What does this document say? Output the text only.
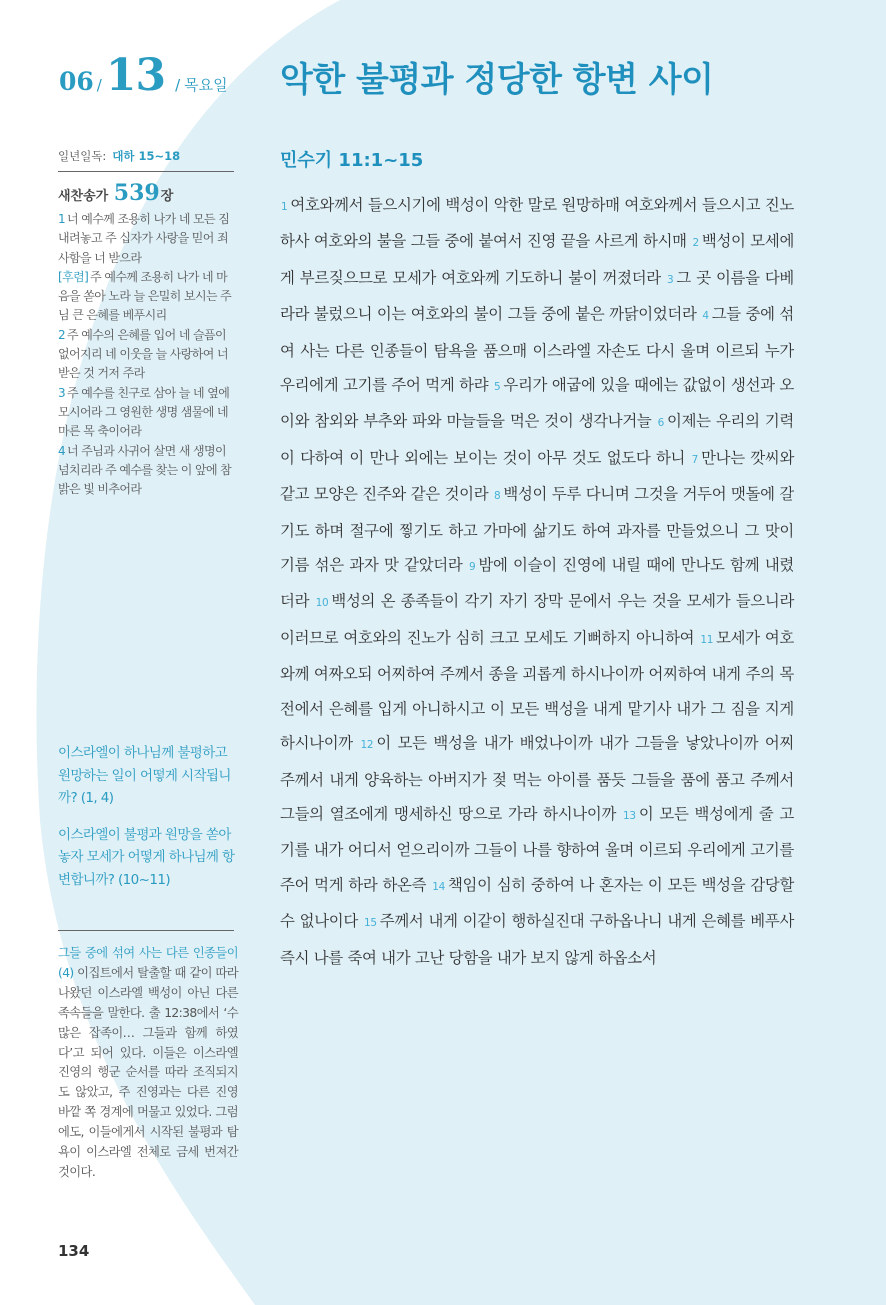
06 / 13 / 목요일 악한 불평과 정당한 항변 사이
일년일독: 대하 15~18
새찬송가 539장
1 너 예수께 조용히 나가 네 모든 짐 내려놓고 주 십자가 사랑을 믿어 죄 사함을 너 받으라
[후렴] 주 예수께 조용히 나가 네 마음을 쏟아 노라 늘 은밀히 보시는 주님 큰 은혜를 베푸시리
2 주 예수의 은혜를 입어 네 슬픔이 없어지리 네 이웃을 늘 사랑하여 너 받은 것 거저 주라
3 주 예수를 친구로 삼아 늘 네 옆에 모시어라 그 영원한 생명 샘물에 네 마른 목 축이어라
4 너 주님과 사귀어 살면 새 생명이 넘치리라 주 예수를 찾는 이 앞에 참 밝은 빛 비추어라
이스라엘이 하나님께 불평하고 원망하는 일이 어떻게 시작됩니까? (1, 4)
이스라엘이 불평과 원망을 쏟아놓자 모세가 어떻게 하나님께 항변합니까? (10~11)
그들 중에 섞여 사는 다른 인종들이(4) 이집트에서 탈출할 때 같이 따라 나왔던 이스라엘 백성이 아닌 다른 족속들을 말한다. 출 12:38에서 ‘수많은 잡족이… 그들과 함께 하였다’고 되어 있다. 이들은 이스라엘 진영의 행군 순서를 따라 조직되지도 않았고, 주 진영과는 다른 진영 바깥 쪽 경계에 머물고 있었다. 그럼에도, 이들에게서 시작된 불평과 탐욕이 이스라엘 전체로 금세 번져간 것이다.
134
민수기 11:1~15
1 여호와께서 들으시기에 백성이 악한 말로 원망하매 여호와께서 들으시고 진노하사 여호와의 불을 그들 중에 붙여서 진영 끝을 사르게 하시매 2 백성이 모세에게 부르짖으므로 모세가 여호와께 기도하니 불이 꺼졌더라 3 그 곳 이름을 다베라라 불렀으니 이는 여호와의 불이 그들 중에 붙은 까닭이었더라 4 그들 중에 섞여 사는 다른 인종들이 탐욕을 품으매 이스라엘 자손도 다시 울며 이르되 누가 우리에게 고기를 주어 먹게 하랴 5 우리가 애굽에 있을 때에는 값없이 생선과 오이와 참외와 부추와 파와 마늘들을 먹은 것이 생각나거늘 6 이제는 우리의 기력이 다하여 이 만나 외에는 보이는 것이 아무 것도 없도다 하니 7 만나는 깟씨와 같고 모양은 진주와 같은 것이라 8 백성이 두루 다니며 그것을 거두어 맷돌에 갈기도 하며 절구에 찧기도 하고 가마에 삶기도 하여 과자를 만들었으니 그 맛이 기름 섞은 과자 맛 같았더라 9 밤에 이슬이 진영에 내릴 때에 만나도 함께 내렸더라 10 백성의 온 종족들이 각기 자기 장막 문에서 우는 것을 모세가 들으니라 이러므로 여호와의 진노가 심히 크고 모세도 기뻐하지 아니하여 11 모세가 여호와께 여짜오되 어찌하여 주께서 종을 괴롭게 하시나이까 어찌하여 내게 주의 목전에서 은혜를 입게 아니하시고 이 모든 백성을 내게 맡기사 내가 그 짐을 지게 하시나이까 12 이 모든 백성을 내가 배었나이까 내가 그들을 낳았나이까 어찌 주께서 내게 양육하는 아버지가 젖 먹는 아이를 품듯 그들을 품에 품고 주께서 그들의 열조에게 맹세하신 땅으로 가라 하시나이까 13 이 모든 백성에게 줄 고기를 내가 어디서 얻으리이까 그들이 나를 향하여 울며 이르되 우리에게 고기를 주어 먹게 하라 하온즉 14 책임이 심히 중하여 나 혼자는 이 모든 백성을 감당할 수 없나이다 15 주께서 내게 이같이 행하실진대 구하옵나니 내게 은혜를 베푸사 즉시 나를 죽여 내가 고난 당함을 내가 보지 않게 하옵소서
